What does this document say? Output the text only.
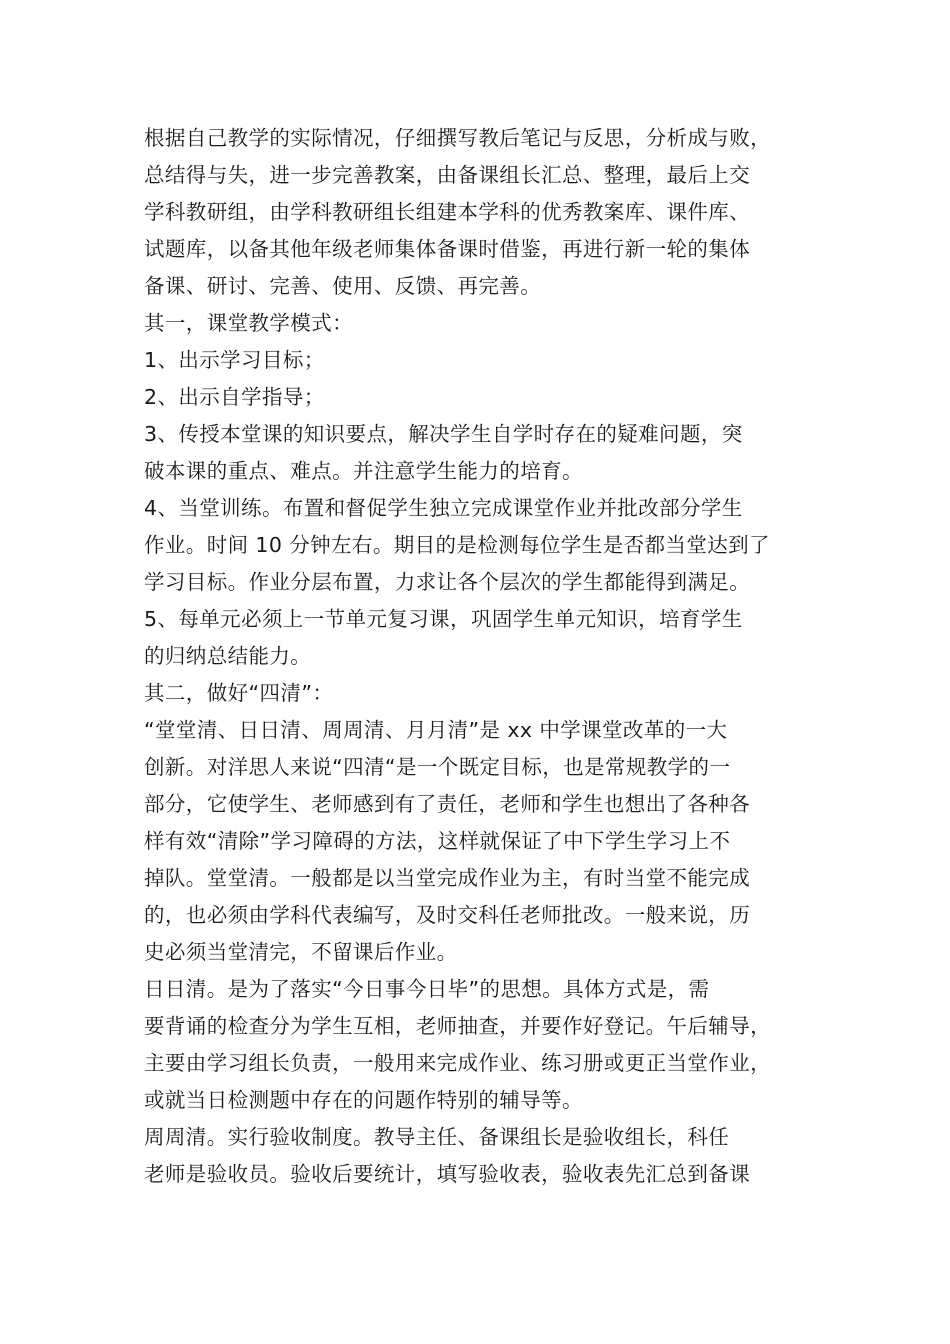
根据自己教学的实际情况，仔细撰写教后笔记与反思，分析成与败，
总结得与失，进一步完善教案，由备课组长汇总、整理，最后上交
学科教研组，由学科教研组长组建本学科的优秀教案库、课件库、
试题库，以备其他年级老师集体备课时借鉴，再进行新一轮的集体
备课、研讨、完善、使用、反馈、再完善。
其一，课堂教学模式：
1、出示学习目标；
2、出示自学指导；
3、传授本堂课的知识要点，解决学生自学时存在的疑难问题，突
破本课的重点、难点。并注意学生能力的培育。
4、当堂训练。布置和督促学生独立完成课堂作业并批改部分学生
作业。时间 10 分钟左右。期目的是检测每位学生是否都当堂达到了
学习目标。作业分层布置，力求让各个层次的学生都能得到满足。
5、每单元必须上一节单元复习课，巩固学生单元知识，培育学生
的归纳总结能力。
其二，做好“四清”：
“堂堂清、日日清、周周清、月月清”是 xx 中学课堂改革的一大
创新。对洋思人来说“四清“是一个既定目标，也是常规教学的一
部分，它使学生、老师感到有了责任，老师和学生也想出了各种各
样有效“清除”学习障碍的方法，这样就保证了中下学生学习上不
掉队。堂堂清。一般都是以当堂完成作业为主，有时当堂不能完成
的，也必须由学科代表编写，及时交科任老师批改。一般来说，历
史必须当堂清完，不留课后作业。
日日清。是为了落实“今日事今日毕”的思想。具体方式是，需
要背诵的检查分为学生互相，老师抽查，并要作好登记。午后辅导，
主要由学习组长负责，一般用来完成作业、练习册或更正当堂作业，
或就当日检测题中存在的问题作特别的辅导等。
周周清。实行验收制度。教导主任、备课组长是验收组长，科任
老师是验收员。验收后要统计，填写验收表，验收表先汇总到备课
